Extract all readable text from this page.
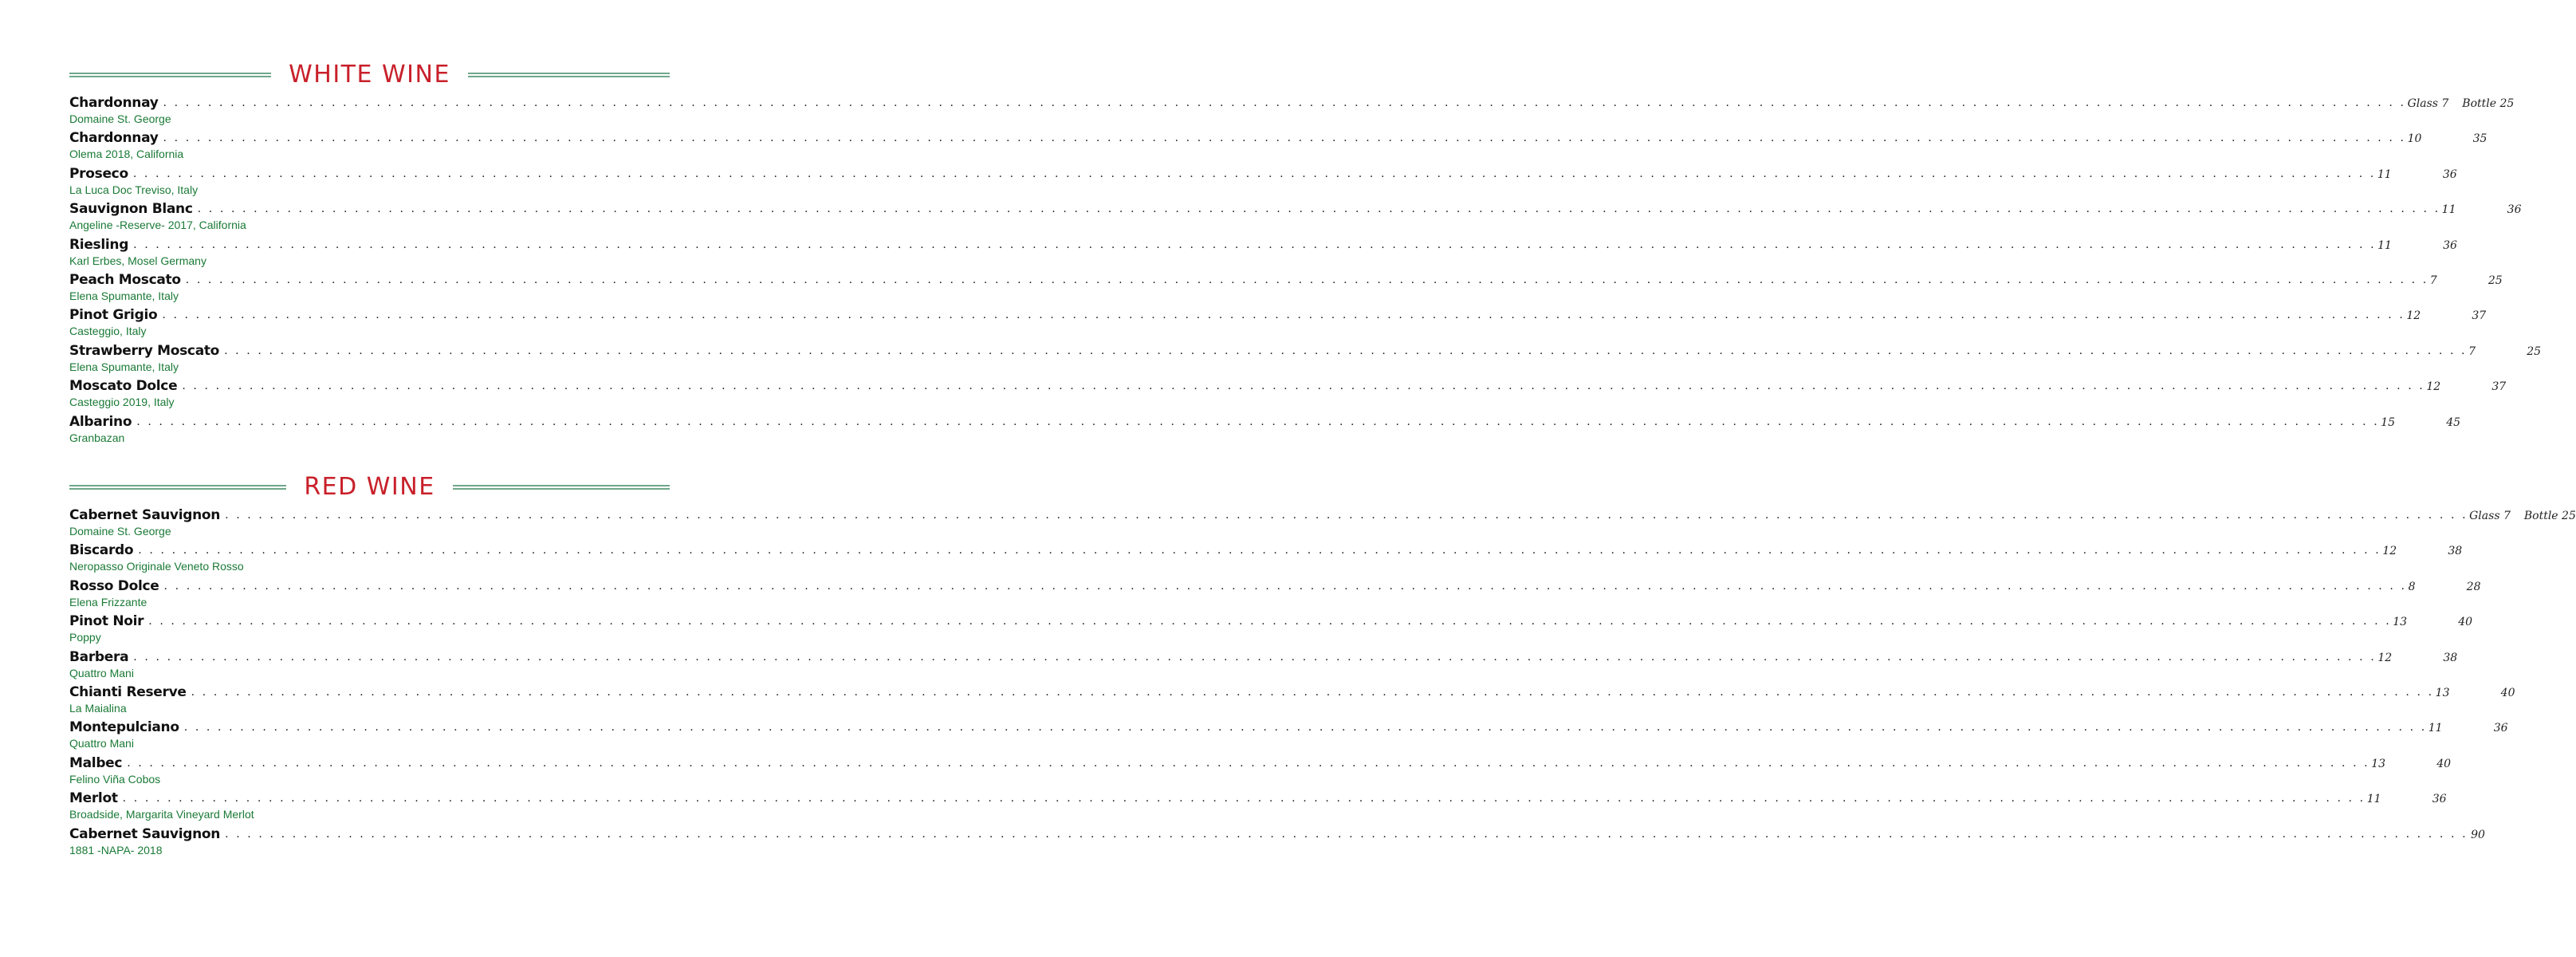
WHITE WINE
Chardonnay . . . . . . . . . . . . . . . . . . . . . . . . . . . . . . . . . . . . . . . . . . . . . . . . . . . . . . . . . . . . . . . . . . . . . . . . . . . . . . . . . . . . . . . . . . . . . . . . . . . . . . . . . . . . . . . . . . . . . . . . . . . . . . . . . . . . . . . . . . . . . . . . . . . . . . . . . . . . . . . . . . . . . . . . . . . . . . . . . . . . . . . . . . . . . . . . . . . . . . . . Glass 7	Bottle 25
Domaine St. George
Chardonnay . . . . . . . . . . . . . . . . . . . . . . . . . . . . . . . . . . . . . . . . . . . . . . . . . . . . . . . . . . . . . . . . . . . . . . . . . . . . . . . . . . . . . . . . . . . . . . . . . . . . . . . . . . . . . . . . . . . . . . . . . . . . . . . . . . . . . . . . . . . . . . . . . . . . . . . . . . . . . . . . . . . . . . . . . . . . . . . . . . . . . . . . . . . . . . . . . . . . . . . . 10	35
Olema 2018, California
Proseco . . . . . . . . . . . . . . . . . . . . . . . . . . . . . . . . . . . . . . . . . . . . . . . . . . . . . . . . . . . . . . . . . . . . . . . . . . . . . . . . . . . . . . . . . . . . . . . . . . . . . . . . . . . . . . . . . . . . . . . . . . . . . . . . . . . . . . . . . . . . . . . . . . . . . . . . . . . . . . . . . . . . . . . . . . . . . . . . . . . . . . . . . . . . . . . . . . . . . . . . 11	36
La Luca Doc Treviso, Italy
Sauvignon Blanc . . . . . . . . . . . . . . . . . . . . . . . . . . . . . . . . . . . . . . . . . . . . . . . . . . . . . . . . . . . . . . . . . . . . . . . . . . . . . . . . . . . . . . . . . . . . . . . . . . . . . . . . . . . . . . . . . . . . . . . . . . . . . . . . . . . . . . . . . . . . . . . . . . . . . . . . . . . . . . . . . . . . . . . . . . . . . . . . . . . . . . . . . . . . . . . . . . . . . . . . 11	36
Angeline -Reserve- 2017, California
Riesling . . . . . . . . . . . . . . . . . . . . . . . . . . . . . . . . . . . . . . . . . . . . . . . . . . . . . . . . . . . . . . . . . . . . . . . . . . . . . . . . . . . . . . . . . . . . . . . . . . . . . . . . . . . . . . . . . . . . . . . . . . . . . . . . . . . . . . . . . . . . . . . . . . . . . . . . . . . . . . . . . . . . . . . . . . . . . . . . . . . . . . . . . . . . . . . . . . . . . . . . 11	36
Karl Erbes, Mosel Germany
Peach Moscato . . . . . . . . . . . . . . . . . . . . . . . . . . . . . . . . . . . . . . . . . . . . . . . . . . . . . . . . . . . . . . . . . . . . . . . . . . . . . . . . . . . . . . . . . . . . . . . . . . . . . . . . . . . . . . . . . . . . . . . . . . . . . . . . . . . . . . . . . . . . . . . . . . . . . . . . . . . . . . . . . . . . . . . . . . . . . . . . . . . . . . . . . . . . . . . . . . . . . . . . 7	25
Elena Spumante, Italy
Pinot Grigio . . . . . . . . . . . . . . . . . . . . . . . . . . . . . . . . . . . . . . . . . . . . . . . . . . . . . . . . . . . . . . . . . . . . . . . . . . . . . . . . . . . . . . . . . . . . . . . . . . . . . . . . . . . . . . . . . . . . . . . . . . . . . . . . . . . . . . . . . . . . . . . . . . . . . . . . . . . . . . . . . . . . . . . . . . . . . . . . . . . . . . . . . . . . . . . . . . . . . . . . 12	37
Casteggio, Italy
Strawberry Moscato . . . . . . . . . . . . . . . . . . . . . . . . . . . . . . . . . . . . . . . . . . . . . . . . . . . . . . . . . . . . . . . . . . . . . . . . . . . . . . . . . . . . . . . . . . . . . . . . . . . . . . . . . . . . . . . . . . . . . . . . . . . . . . . . . . . . . . . . . . . . . . . . . . . . . . . . . . . . . . . . . . . . . . . . . . . . . . . . . . . . . . . . . . . . . . . . . . . . . . . . 7	25
Elena Spumante, Italy
Moscato Dolce . . . . . . . . . . . . . . . . . . . . . . . . . . . . . . . . . . . . . . . . . . . . . . . . . . . . . . . . . . . . . . . . . . . . . . . . . . . . . . . . . . . . . . . . . . . . . . . . . . . . . . . . . . . . . . . . . . . . . . . . . . . . . . . . . . . . . . . . . . . . . . . . . . . . . . . . . . . . . . . . . . . . . . . . . . . . . . . . . . . . . . . . . . . . . . . . . . . . . . . . 12	37
Casteggio 2019, Italy
Albarino . . . . . . . . . . . . . . . . . . . . . . . . . . . . . . . . . . . . . . . . . . . . . . . . . . . . . . . . . . . . . . . . . . . . . . . . . . . . . . . . . . . . . . . . . . . . . . . . . . . . . . . . . . . . . . . . . . . . . . . . . . . . . . . . . . . . . . . . . . . . . . . . . . . . . . . . . . . . . . . . . . . . . . . . . . . . . . . . . . . . . . . . . . . . . . . . . . . . . . . . 15	45
Granbazan
RED WINE
Cabernet Sauvignon . . . . . . . . . . . . . . . . . . . . . . . . . . . . . . . . . . . . . . . . . . . . . . . . . . . . . . . . . . . . . . . . . . . . . . . . . . . . . . . . . . . . . . . . . . . . . . . . . . . . . . . . . . . . . . . . . . . . . . . . . . . . . . . . . . . . . . . . . . . . . . . . . . . . . . . . . . . . . . . . . . . . . . . . . . . . . . . . . . . . . . . . . . . . . . . . . . . . . . . . Glass 7	Bottle 25
Domaine St. George
Biscardo . . . . . . . . . . . . . . . . . . . . . . . . . . . . . . . . . . . . . . . . . . . . . . . . . . . . . . . . . . . . . . . . . . . . . . . . . . . . . . . . . . . . . . . . . . . . . . . . . . . . . . . . . . . . . . . . . . . . . . . . . . . . . . . . . . . . . . . . . . . . . . . . . . . . . . . . . . . . . . . . . . . . . . . . . . . . . . . . . . . . . . . . . . . . . . . . . . . . . . . . 12	38
Neropasso Originale Veneto Rosso
Rosso Dolce . . . . . . . . . . . . . . . . . . . . . . . . . . . . . . . . . . . . . . . . . . . . . . . . . . . . . . . . . . . . . . . . . . . . . . . . . . . . . . . . . . . . . . . . . . . . . . . . . . . . . . . . . . . . . . . . . . . . . . . . . . . . . . . . . . . . . . . . . . . . . . . . . . . . . . . . . . . . . . . . . . . . . . . . . . . . . . . . . . . . . . . . . . . . . . . . . . . . . . . . 8	28
Elena Frizzante
Pinot Noir . . . . . . . . . . . . . . . . . . . . . . . . . . . . . . . . . . . . . . . . . . . . . . . . . . . . . . . . . . . . . . . . . . . . . . . . . . . . . . . . . . . . . . . . . . . . . . . . . . . . . . . . . . . . . . . . . . . . . . . . . . . . . . . . . . . . . . . . . . . . . . . . . . . . . . . . . . . . . . . . . . . . . . . . . . . . . . . . . . . . . . . . . . . . . . . . . . . . . . . . 13	40
Poppy
Barbera . . . . . . . . . . . . . . . . . . . . . . . . . . . . . . . . . . . . . . . . . . . . . . . . . . . . . . . . . . . . . . . . . . . . . . . . . . . . . . . . . . . . . . . . . . . . . . . . . . . . . . . . . . . . . . . . . . . . . . . . . . . . . . . . . . . . . . . . . . . . . . . . . . . . . . . . . . . . . . . . . . . . . . . . . . . . . . . . . . . . . . . . . . . . . . . . . . . . . . . . 12	38
Quattro Mani
Chianti Reserve . . . . . . . . . . . . . . . . . . . . . . . . . . . . . . . . . . . . . . . . . . . . . . . . . . . . . . . . . . . . . . . . . . . . . . . . . . . . . . . . . . . . . . . . . . . . . . . . . . . . . . . . . . . . . . . . . . . . . . . . . . . . . . . . . . . . . . . . . . . . . . . . . . . . . . . . . . . . . . . . . . . . . . . . . . . . . . . . . . . . . . . . . . . . . . . . . . . . . . . . 13	40
La Maialina
Montepulciano . . . . . . . . . . . . . . . . . . . . . . . . . . . . . . . . . . . . . . . . . . . . . . . . . . . . . . . . . . . . . . . . . . . . . . . . . . . . . . . . . . . . . . . . . . . . . . . . . . . . . . . . . . . . . . . . . . . . . . . . . . . . . . . . . . . . . . . . . . . . . . . . . . . . . . . . . . . . . . . . . . . . . . . . . . . . . . . . . . . . . . . . . . . . . . . . . . . . . . . . 11	36
Quattro Mani
Malbec . . . . . . . . . . . . . . . . . . . . . . . . . . . . . . . . . . . . . . . . . . . . . . . . . . . . . . . . . . . . . . . . . . . . . . . . . . . . . . . . . . . . . . . . . . . . . . . . . . . . . . . . . . . . . . . . . . . . . . . . . . . . . . . . . . . . . . . . . . . . . . . . . . . . . . . . . . . . . . . . . . . . . . . . . . . . . . . . . . . . . . . . . . . . . . . . . . . . . . . . 13	40
Felino Viña Cobos
Merlot . . . . . . . . . . . . . . . . . . . . . . . . . . . . . . . . . . . . . . . . . . . . . . . . . . . . . . . . . . . . . . . . . . . . . . . . . . . . . . . . . . . . . . . . . . . . . . . . . . . . . . . . . . . . . . . . . . . . . . . . . . . . . . . . . . . . . . . . . . . . . . . . . . . . . . . . . . . . . . . . . . . . . . . . . . . . . . . . . . . . . . . . . . . . . . . . . . . . . . . . 11	36
Broadside, Margarita Vineyard Merlot
Cabernet Sauvignon . . . . . . . . . . . . . . . . . . . . . . . . . . . . . . . . . . . . . . . . . . . . . . . . . . . . . . . . . . . . . . . . . . . . . . . . . . . . . . . . . . . . . . . . . . . . . . . . . . . . . . . . . . . . . . . . . . . . . . . . . . . . . . . . . . . . . . . . . . . . . . . . . . . . . . . . . . . . . . . . . . . . . . . . . . . . . . . . . . . . . . . . . . . . . . . . . . . . . . . . 90
1881 -NAPA- 2018
